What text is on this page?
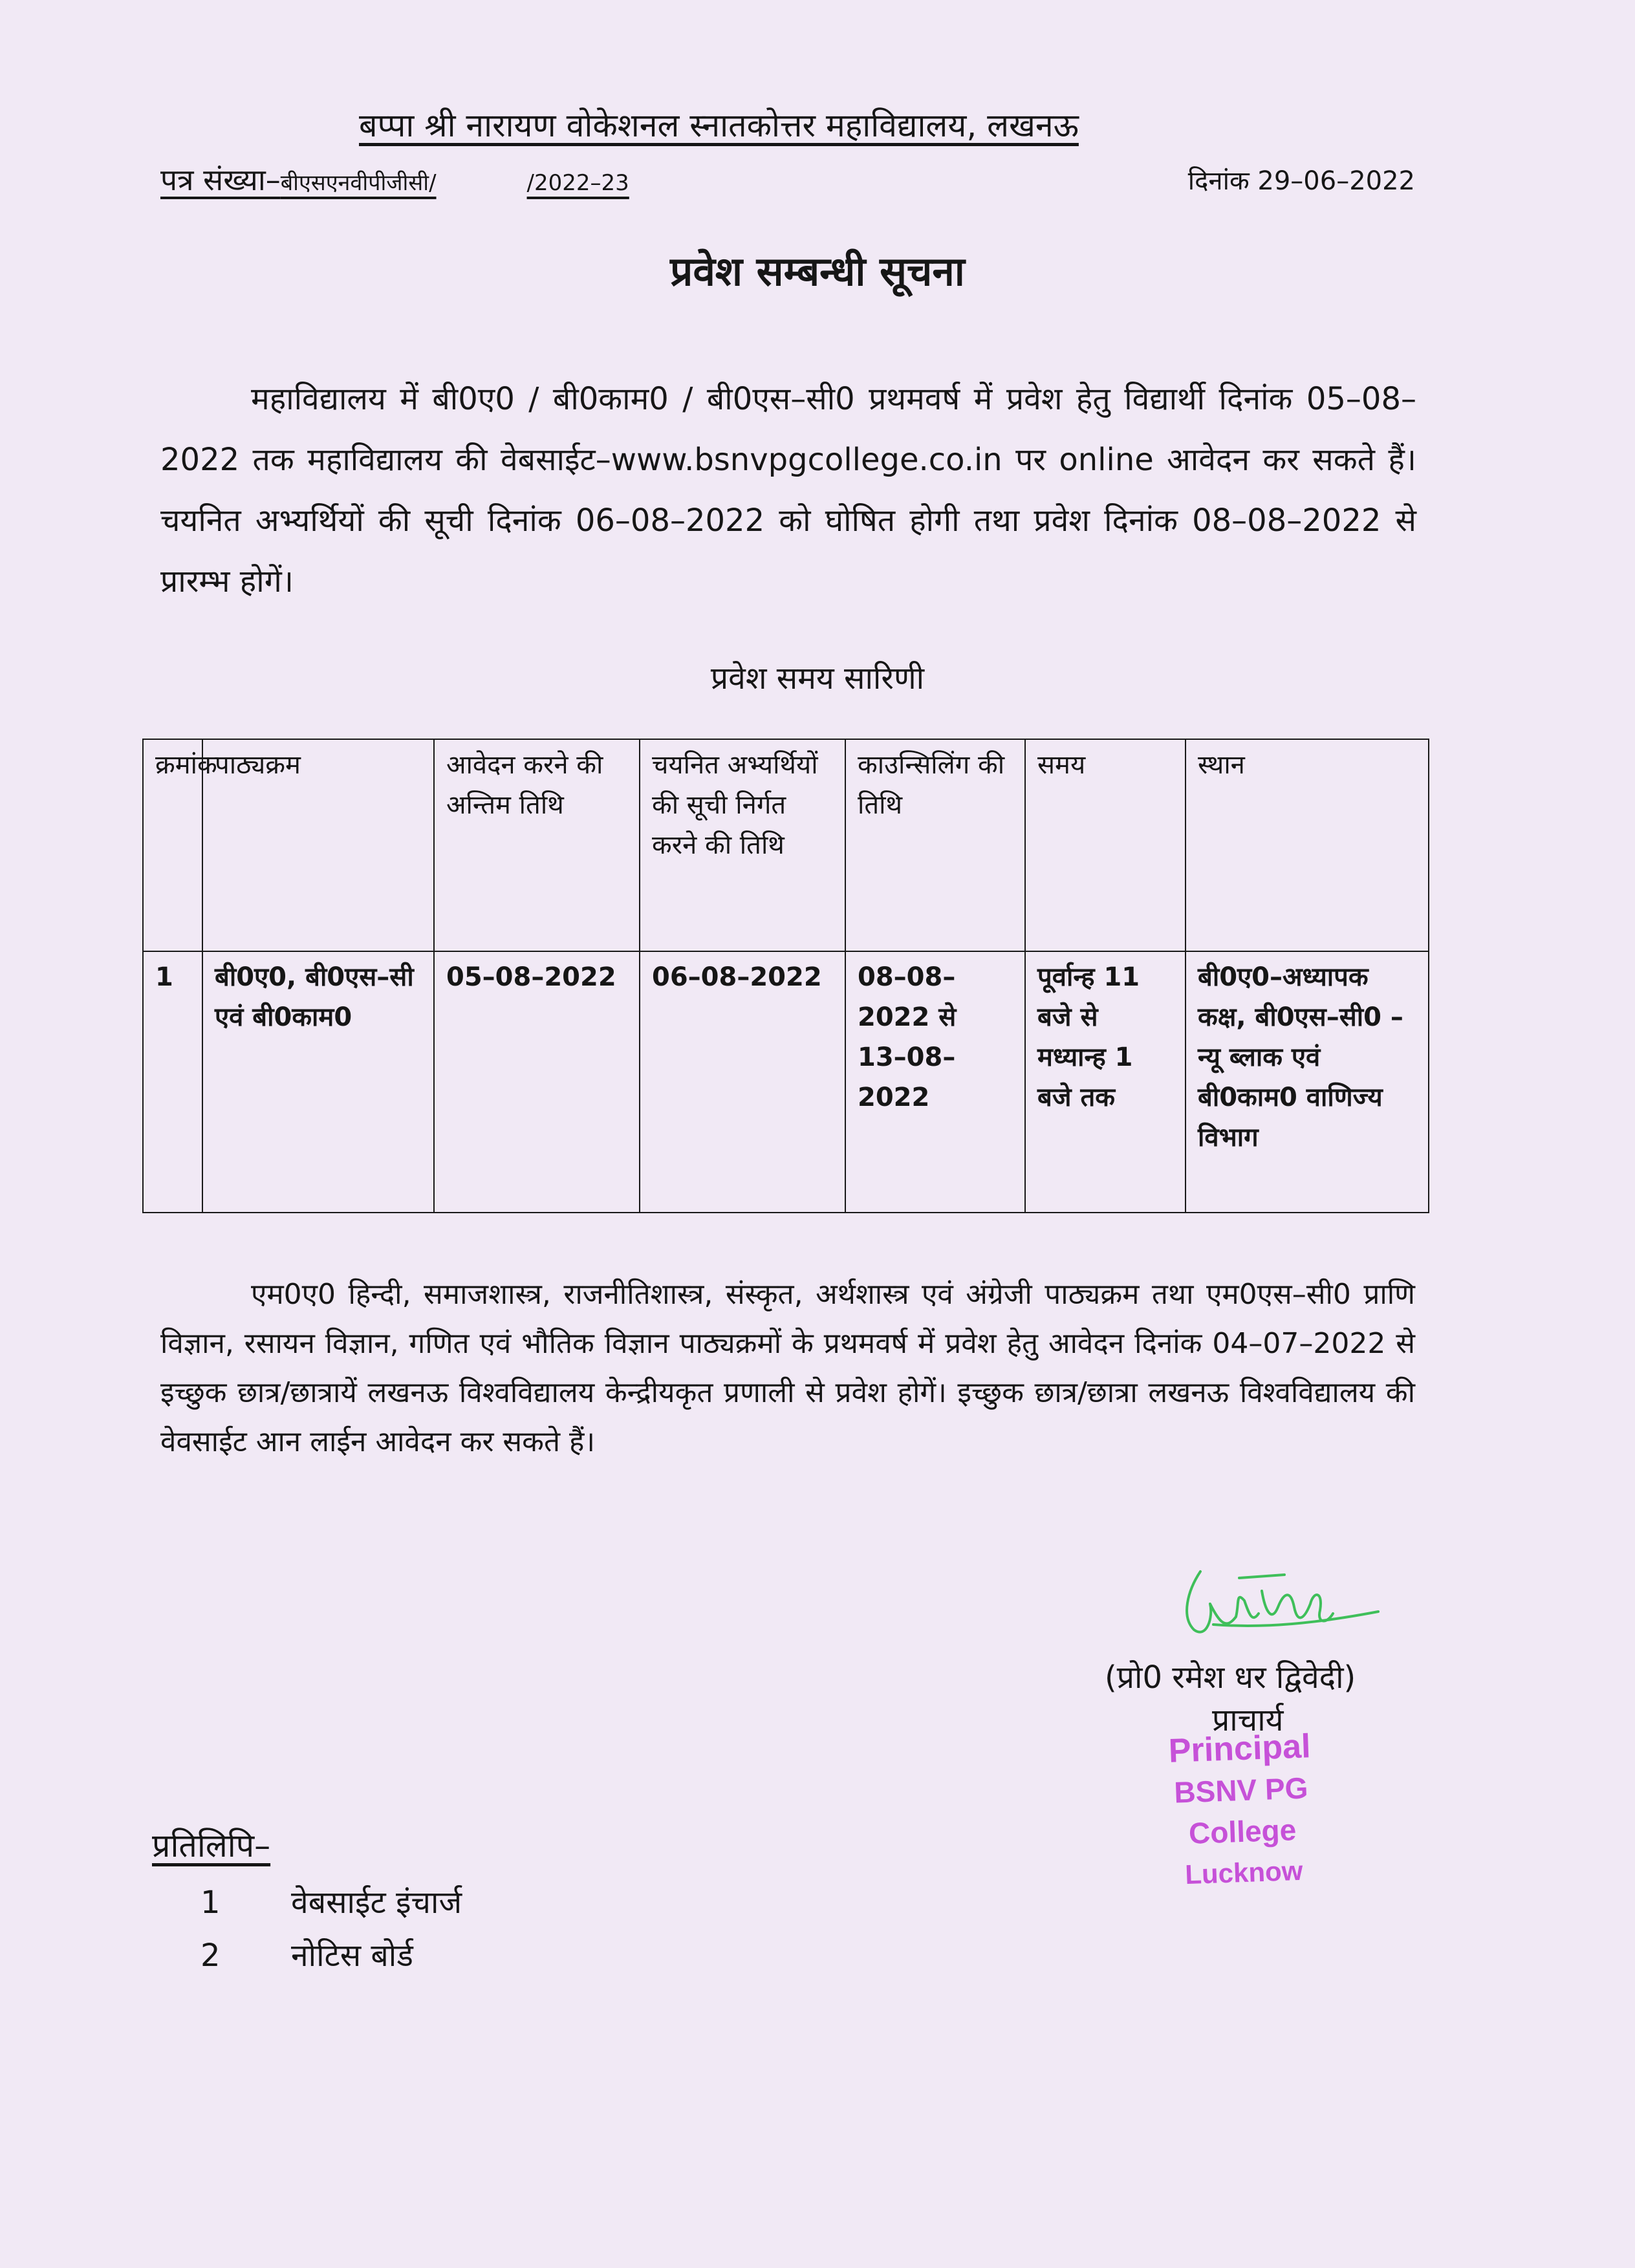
बप्पा श्री नारायण वोकेशनल स्नातकोत्तर महाविद्यालय, लखनऊ
पत्र संख्या–बीएसएनवीपीजीसी/	/2022–23	दिनांक 29–06–2022
प्रवेश सम्बन्धी सूचना

महाविद्यालय में बी0ए0 / बी0काम0 / बी0एस–सी0 प्रथमवर्ष में प्रवेश हेतु विद्यार्थी दिनांक 05–08–2022 तक महाविद्यालय की वेबसाईट–www.bsnvpgcollege.co.in पर online आवेदन कर सकते हैं। चयनित अभ्यर्थियों की सूची दिनांक 06–08–2022 को घोषित होगी तथा प्रवेश दिनांक 08–08–2022 से प्रारम्भ होगें।

प्रवेश समय सारिणी
क्रमांक	पाठ्यक्रम	आवेदन करने की अन्तिम तिथि	चयनित अभ्यर्थियों की सूची निर्गत करने की तिथि	काउन्सिलिंग की तिथि	समय	स्थान
1	बी0ए0, बी0एस–सी एवं बी0काम0	05–08–2022	06–08–2022	08–08–2022 से 13–08–2022	पूर्वान्ह 11 बजे से मध्यान्ह 1 बजे तक	बी0ए0–अध्यापक कक्ष, बी0एस–सी0 –न्यू ब्लाक एवं बी0काम0 वाणिज्य विभाग

एम0ए0 हिन्दी, समाजशास्त्र, राजनीतिशास्त्र, संस्कृत, अर्थशास्त्र एवं अंग्रेजी पाठ्यक्रम तथा एम0एस–सी0 प्राणि विज्ञान, रसायन विज्ञान, गणित एवं भौतिक विज्ञान पाठ्यक्रमों के प्रथमवर्ष में प्रवेश हेतु आवेदन दिनांक 04–07–2022 से इच्छुक छात्र/छात्रायें लखनऊ विश्वविद्यालय केन्द्रीयकृत प्रणाली से प्रवेश होगें। इच्छुक छात्र/छात्रा लखनऊ विश्वविद्यालय की वेवसाईट आन लाईन आवेदन कर सकते हैं।

(प्रो0 रमेश धर द्विवेदी)
प्राचार्य
Principal
BSNV PG College
Lucknow
प्रतिलिपि–
1 वेबसाईट इंचार्ज
2 नोटिस बोर्ड
